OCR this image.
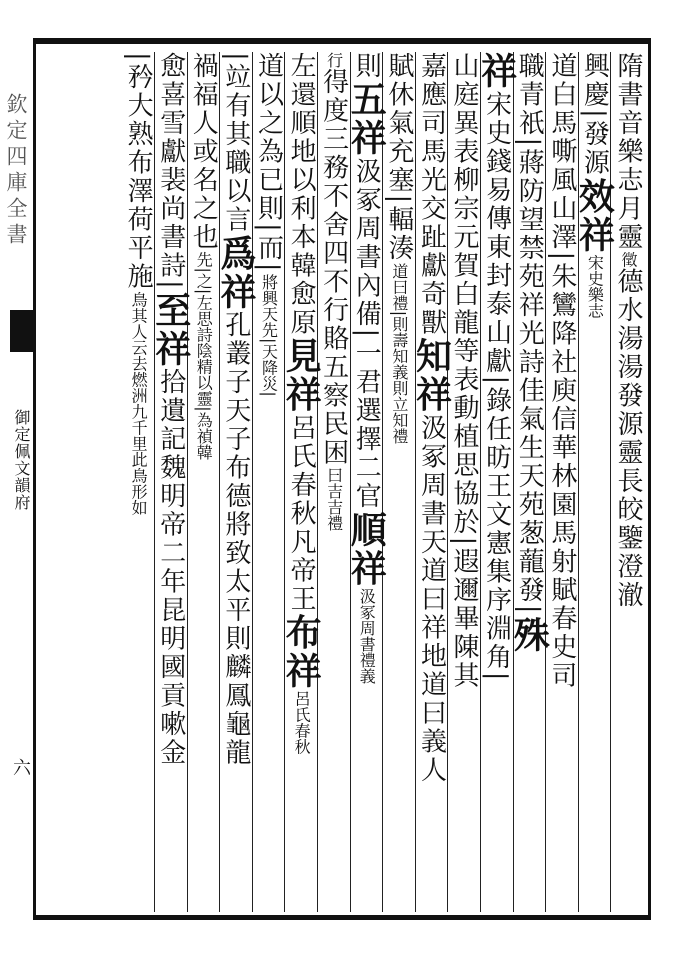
欽定四庫全書
御定佩文韻府
六
隋書音樂志月靈徵德水湯湯發源靈長皎鑒澄澈
興慶|發源效祥宋史樂志
道白馬嘶風山澤|朱鸞降社庾信華林園馬射賦春史司
職青祇|蔣防望禁苑祥光詩佳氣生天苑葱蘢發|殊
祥宋史錢易傳東封泰山獻|錄任昉王文憲集序淵角|
山庭異表柳宗元賀白龍等表動植思協於|遐邇畢陳其
嘉應司馬光交趾獻奇獸知祥汲冢周書天道曰祥地道曰義人
賦休氣充塞|輻湊道曰禮|則壽知義則立知禮
則五祥汲冢周書內備|一君選擇二官順祥汲冢周書禮義
行得度三務不舍四不行賂五察民困曰吉吉禮
左還順地以利本韓愈原見祥呂氏春秋凡帝王布祥呂氏春秋
道以之為已則|而|將興天先|天降災|
|竝有其職以言爲祥孔叢子天子布德將致太平則麟鳳龜龍
禍福人或名之也先|之|左思詩陰精以靈|為禎韓
愈喜雪獻裴尚書詩|至祥拾遺記魏明帝二年昆明國貢嗽金
|矜大熟布澤荷平施鳥其人云去燃洲九千里此鳥形如
